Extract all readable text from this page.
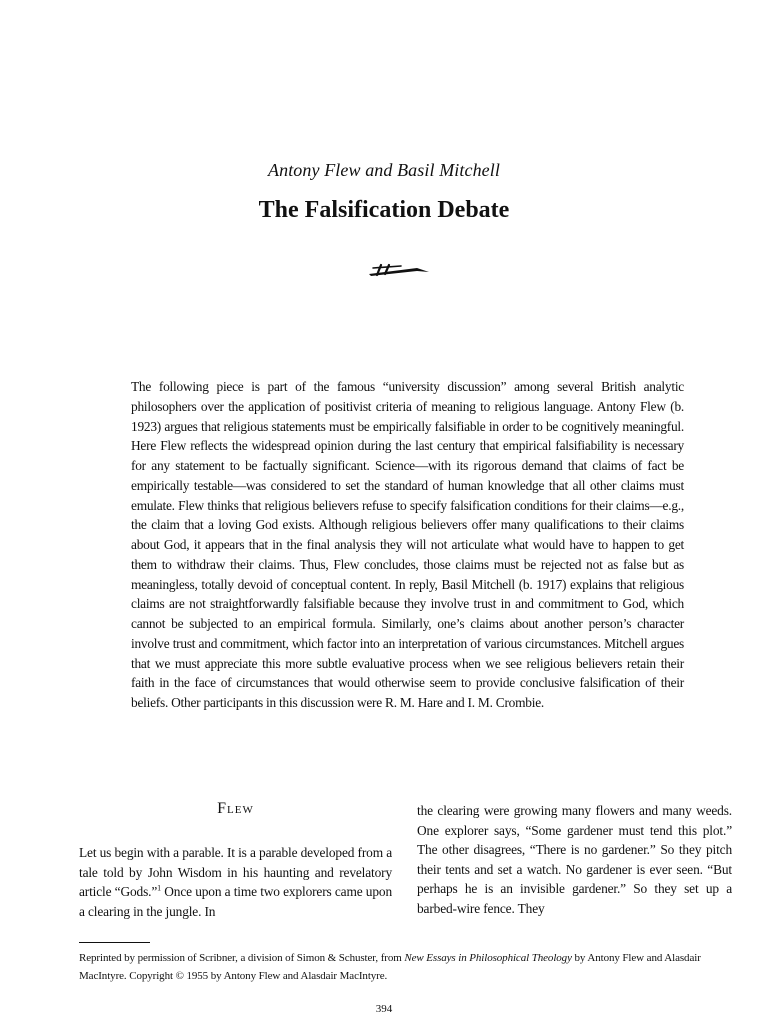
Antony Flew and Basil Mitchell
The Falsification Debate
The following piece is part of the famous “university discussion” among several British analytic philosophers over the application of positivist criteria of meaning to religious language. Antony Flew (b. 1923) argues that religious statements must be empirically falsifiable in order to be cognitively meaningful. Here Flew reflects the widespread opinion during the last century that empirical falsifiability is necessary for any statement to be factually significant. Science—with its rigorous demand that claims of fact be empirically testable—was considered to set the standard of human knowledge that all other claims must emulate. Flew thinks that religious believers refuse to specify falsification conditions for their claims—e.g., the claim that a loving God exists. Although religious believers offer many qualifications to their claims about God, it appears that in the final analysis they will not articulate what would have to happen to get them to withdraw their claims. Thus, Flew concludes, those claims must be rejected not as false but as meaningless, totally devoid of conceptual content. In reply, Basil Mitchell (b. 1917) explains that religious claims are not straightforwardly falsifiable because they involve trust in and commitment to God, which cannot be subjected to an empirical formula. Similarly, one’s claims about another person’s character involve trust and commitment, which factor into an interpretation of various circumstances. Mitchell argues that we must appreciate this more subtle evaluative process when we see religious believers retain their faith in the face of circumstances that would otherwise seem to provide conclusive falsification of their beliefs. Other participants in this discussion were R. M. Hare and I. M. Crombie.
Flew
Let us begin with a parable. It is a parable developed from a tale told by John Wisdom in his haunting and revelatory article “Gods.”$^1$ Once upon a time two explorers came upon a clearing in the jungle. In
the clearing were growing many flowers and many weeds. One explorer says, “Some gardener must tend this plot.” The other disagrees, “There is no gardener.” So they pitch their tents and set a watch. No gardener is ever seen. “But perhaps he is an invisible gardener.” So they set up a barbed-wire fence. They
Reprinted by permission of Scribner, a division of Simon & Schuster, from New Essays in Philosophical Theology by Antony Flew and Alasdair MacIntyre. Copyright © 1955 by Antony Flew and Alasdair MacIntyre.
394
